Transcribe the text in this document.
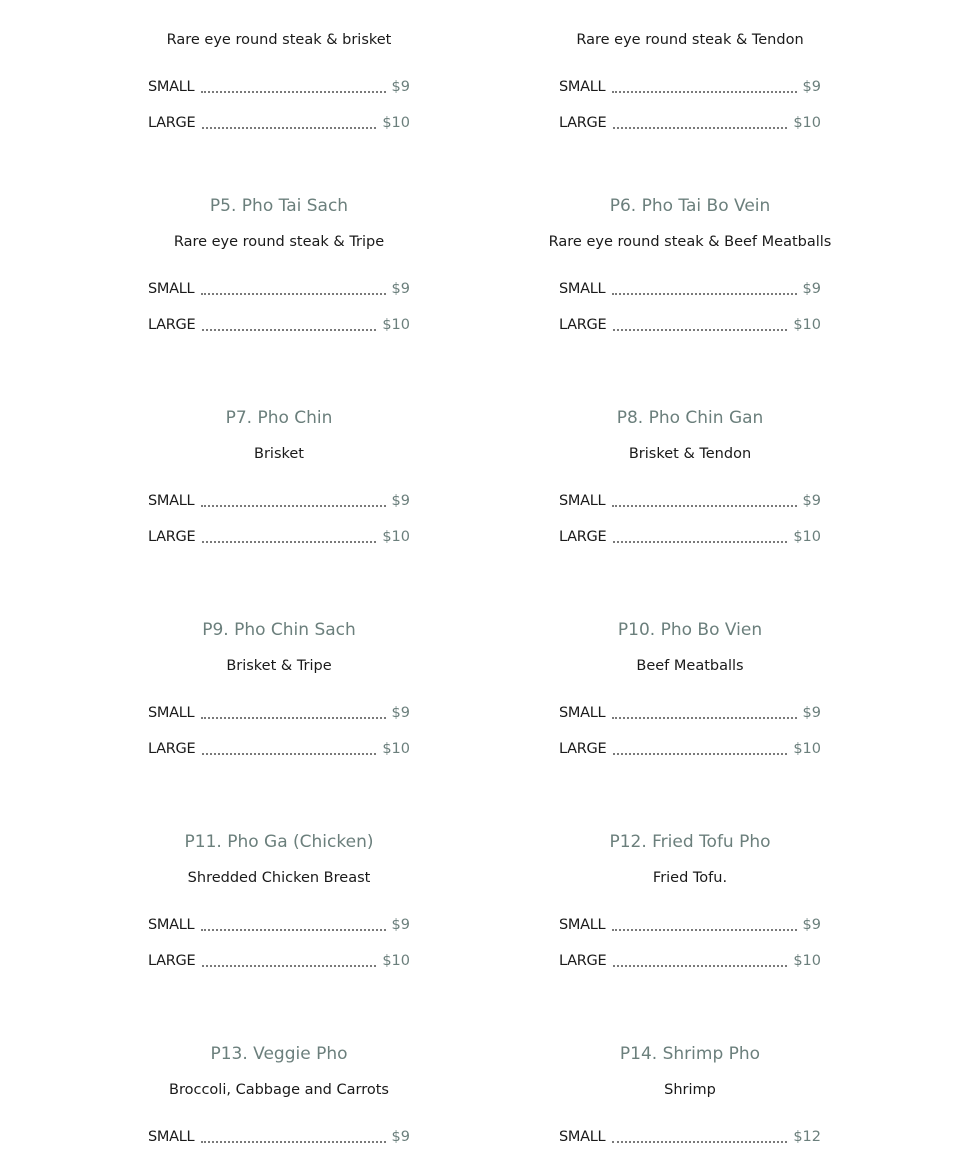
Rare eye round steak & brisket
SMALL	$9
LARGE	$10
Rare eye round steak & Tendon
SMALL	$9
LARGE	$10
P5. Pho Tai Sach
Rare eye round steak & Tripe
SMALL	$9
LARGE	$10
P6. Pho Tai Bo Vein
Rare eye round steak & Beef Meatballs
SMALL	$9
LARGE	$10
P7. Pho Chin
Brisket
SMALL	$9
LARGE	$10
P8. Pho Chin Gan
Brisket & Tendon
SMALL	$9
LARGE	$10
P9. Pho Chin Sach
Brisket & Tripe
SMALL	$9
LARGE	$10
P10. Pho Bo Vien
Beef Meatballs
SMALL	$9
LARGE	$10
P11. Pho Ga (Chicken)
Shredded Chicken Breast
SMALL	$9
LARGE	$10
P12. Fried Tofu Pho
Fried Tofu.
SMALL	$9
LARGE	$10
P13. Veggie Pho
Broccoli, Cabbage and Carrots
SMALL	$9
P14. Shrimp Pho
Shrimp
SMALL	$12
